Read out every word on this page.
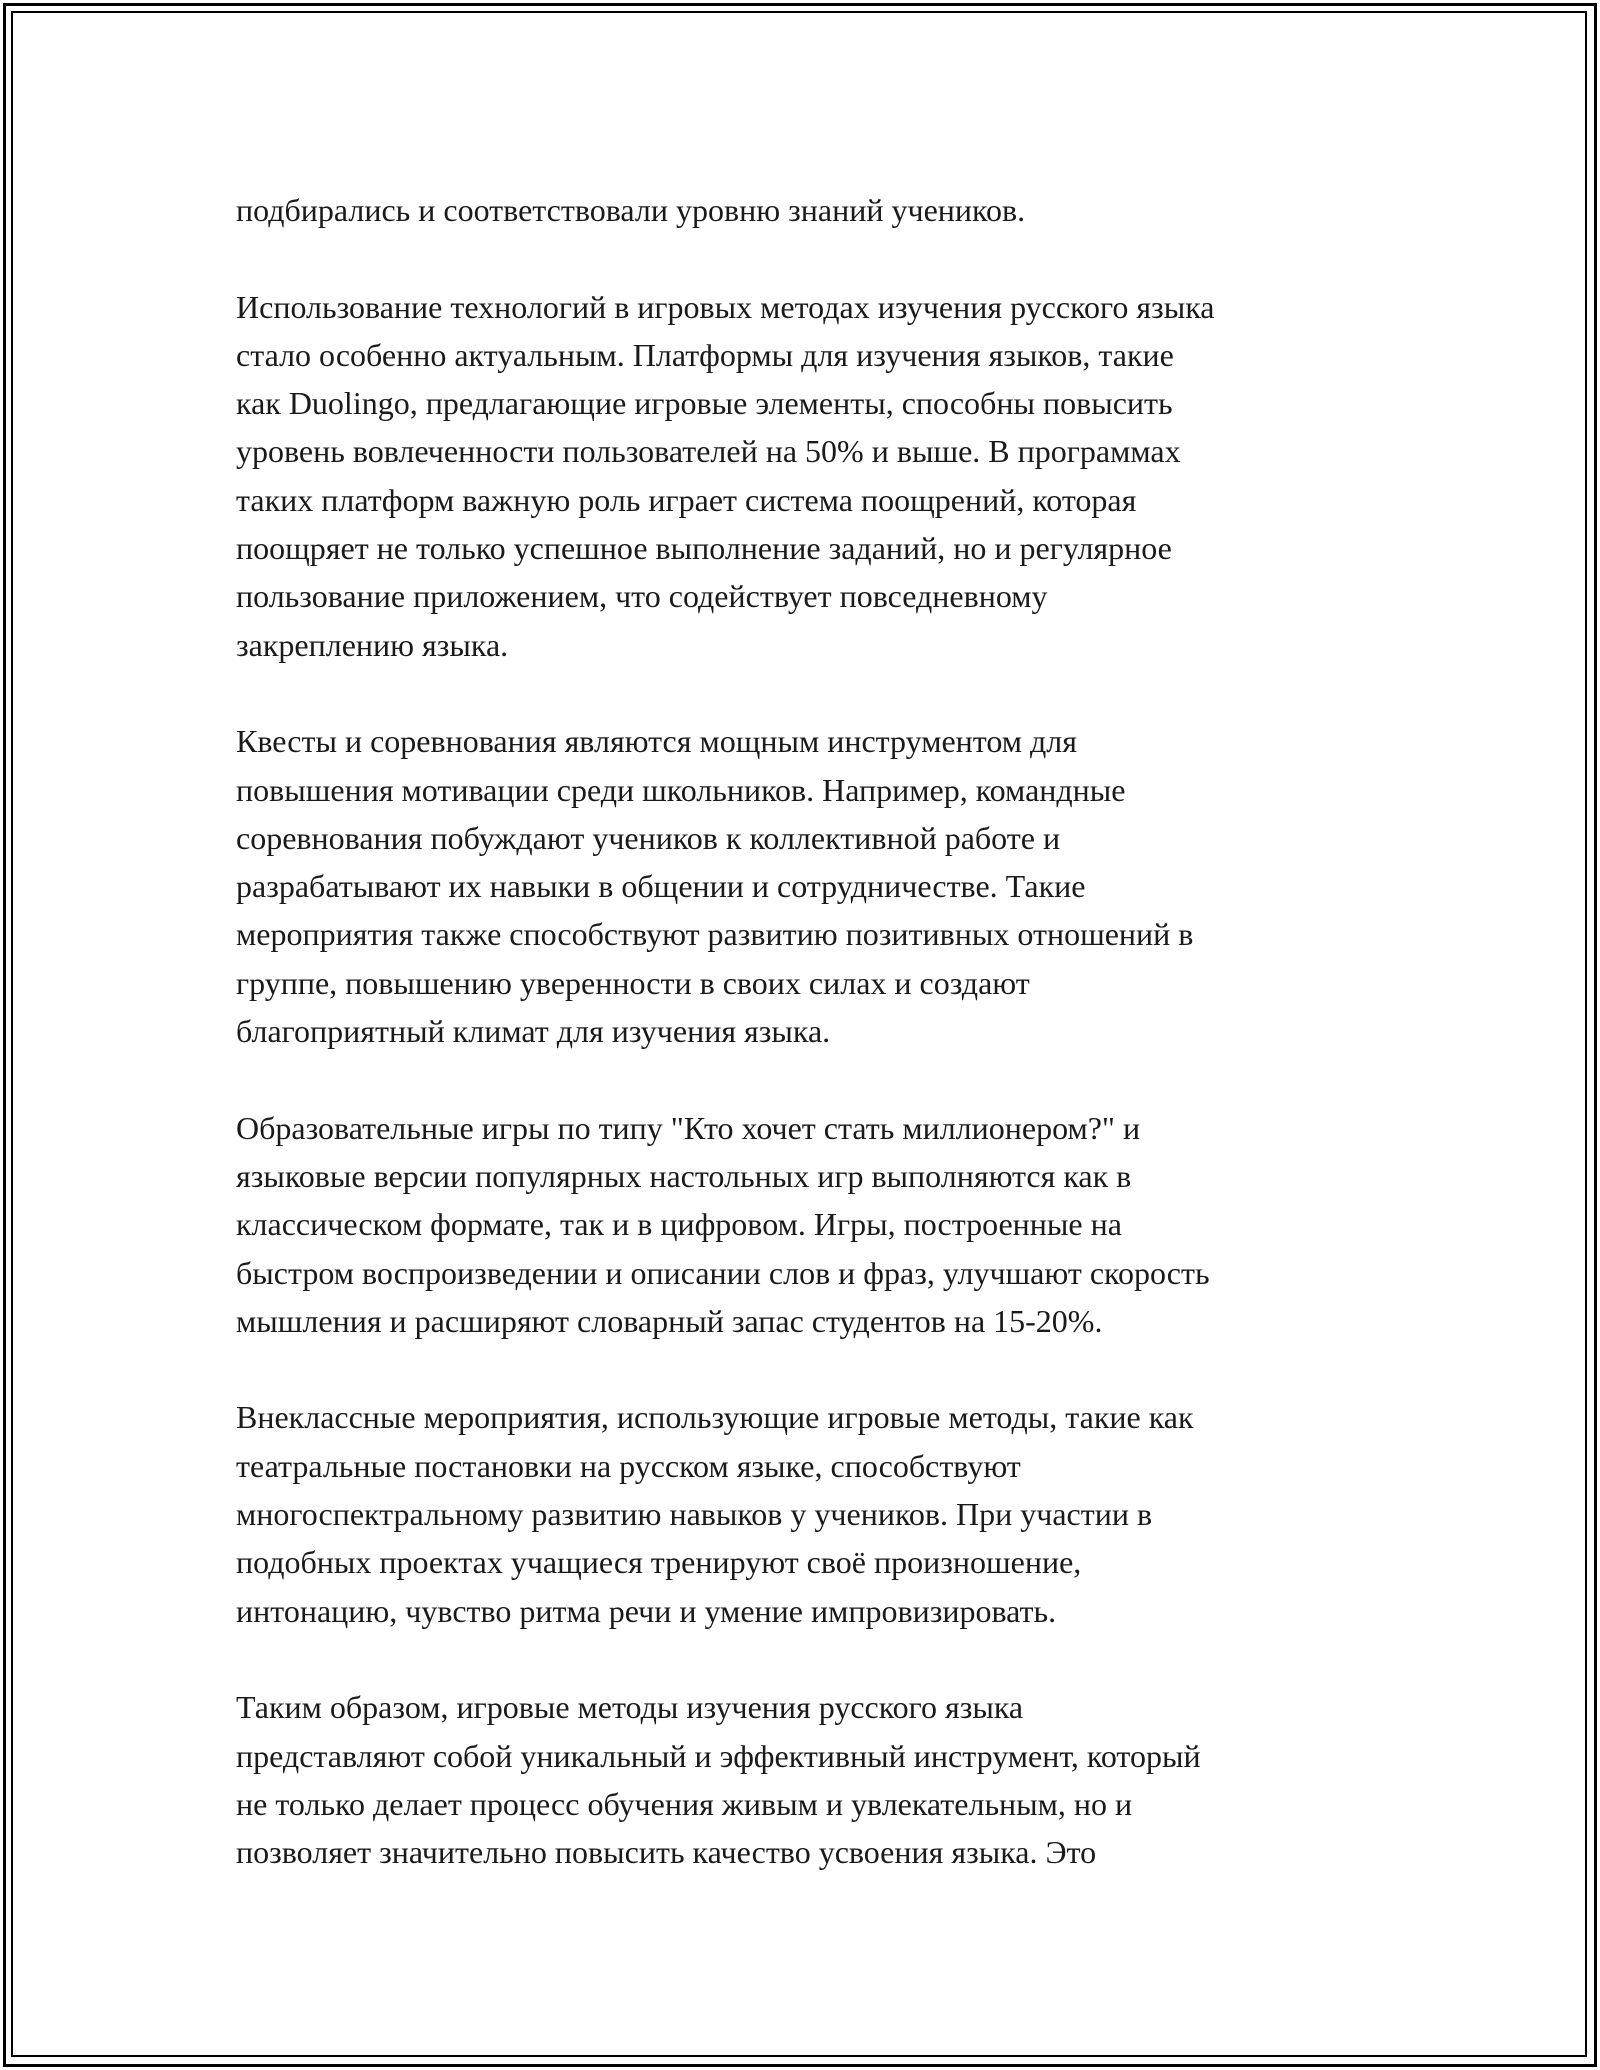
подбирались и соответствовали уровню знаний учеников.

Использование технологий в игровых методах изучения русского языка
стало особенно актуальным. Платформы для изучения языков, такие
как Duolingo, предлагающие игровые элементы, способны повысить
уровень вовлеченности пользователей на 50% и выше. В программах
таких платформ важную роль играет система поощрений, которая
поощряет не только успешное выполнение заданий, но и регулярное
пользование приложением, что содействует повседневному
закреплению языка.

Квесты и соревнования являются мощным инструментом для
повышения мотивации среди школьников. Например, командные
соревнования побуждают учеников к коллективной работе и
разрабатывают их навыки в общении и сотрудничестве. Такие
мероприятия также способствуют развитию позитивных отношений в
группе, повышению уверенности в своих силах и создают
благоприятный климат для изучения языка.

Образовательные игры по типу "Кто хочет стать миллионером?" и
языковые версии популярных настольных игр выполняются как в
классическом формате, так и в цифровом. Игры, построенные на
быстром воспроизведении и описании слов и фраз, улучшают скорость
мышления и расширяют словарный запас студентов на 15-20%.

Внеклассные мероприятия, использующие игровые методы, такие как
театральные постановки на русском языке, способствуют
многоспектральному развитию навыков у учеников. При участии в
подобных проектах учащиеся тренируют своё произношение,
интонацию, чувство ритма речи и умение импровизировать.

Таким образом, игровые методы изучения русского языка
представляют собой уникальный и эффективный инструмент, который
не только делает процесс обучения живым и увлекательным, но и
позволяет значительно повысить качество усвоения языка. Это
